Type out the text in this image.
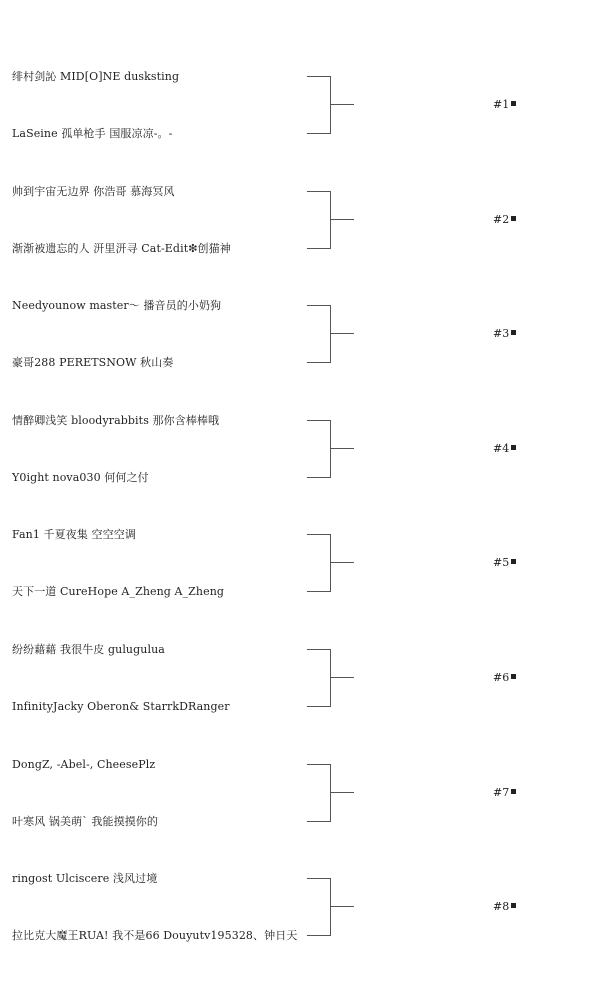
绯村剑訫 MID[O]NE dusksting
LaSeine 孤单枪手 国服凉凉-。-
#1
帅到宇宙无边界 你浩哥 慕海冥风
渐渐被遗忘的人 汧里汧寻 Cat-Edit❇创猫神
#2
Needyounow master～ 播音员的小奶狗
豪哥288 PERETSNOW 秋山奏
#3
情醉卿浅笑 bloodyrabbits 那你含棒棒哦
Y0ight nova030 何何之付
#4
Fan1 千夏夜集 空空空调
天下一道 CureHope A_Zheng A_Zheng
#5
纷纷藉藉 我很牛皮 gulugulua
InfinityJacky Oberon& StarrkDRanger
#6
DongZ, -Abel-, CheesePlz
叶寒风 锅美萌` 我能摸摸你的
#7
ringost Ulciscere 浅风过境
拉比克大魔王RUA! 我不是66 Douyutv195328、钟日天
#8
